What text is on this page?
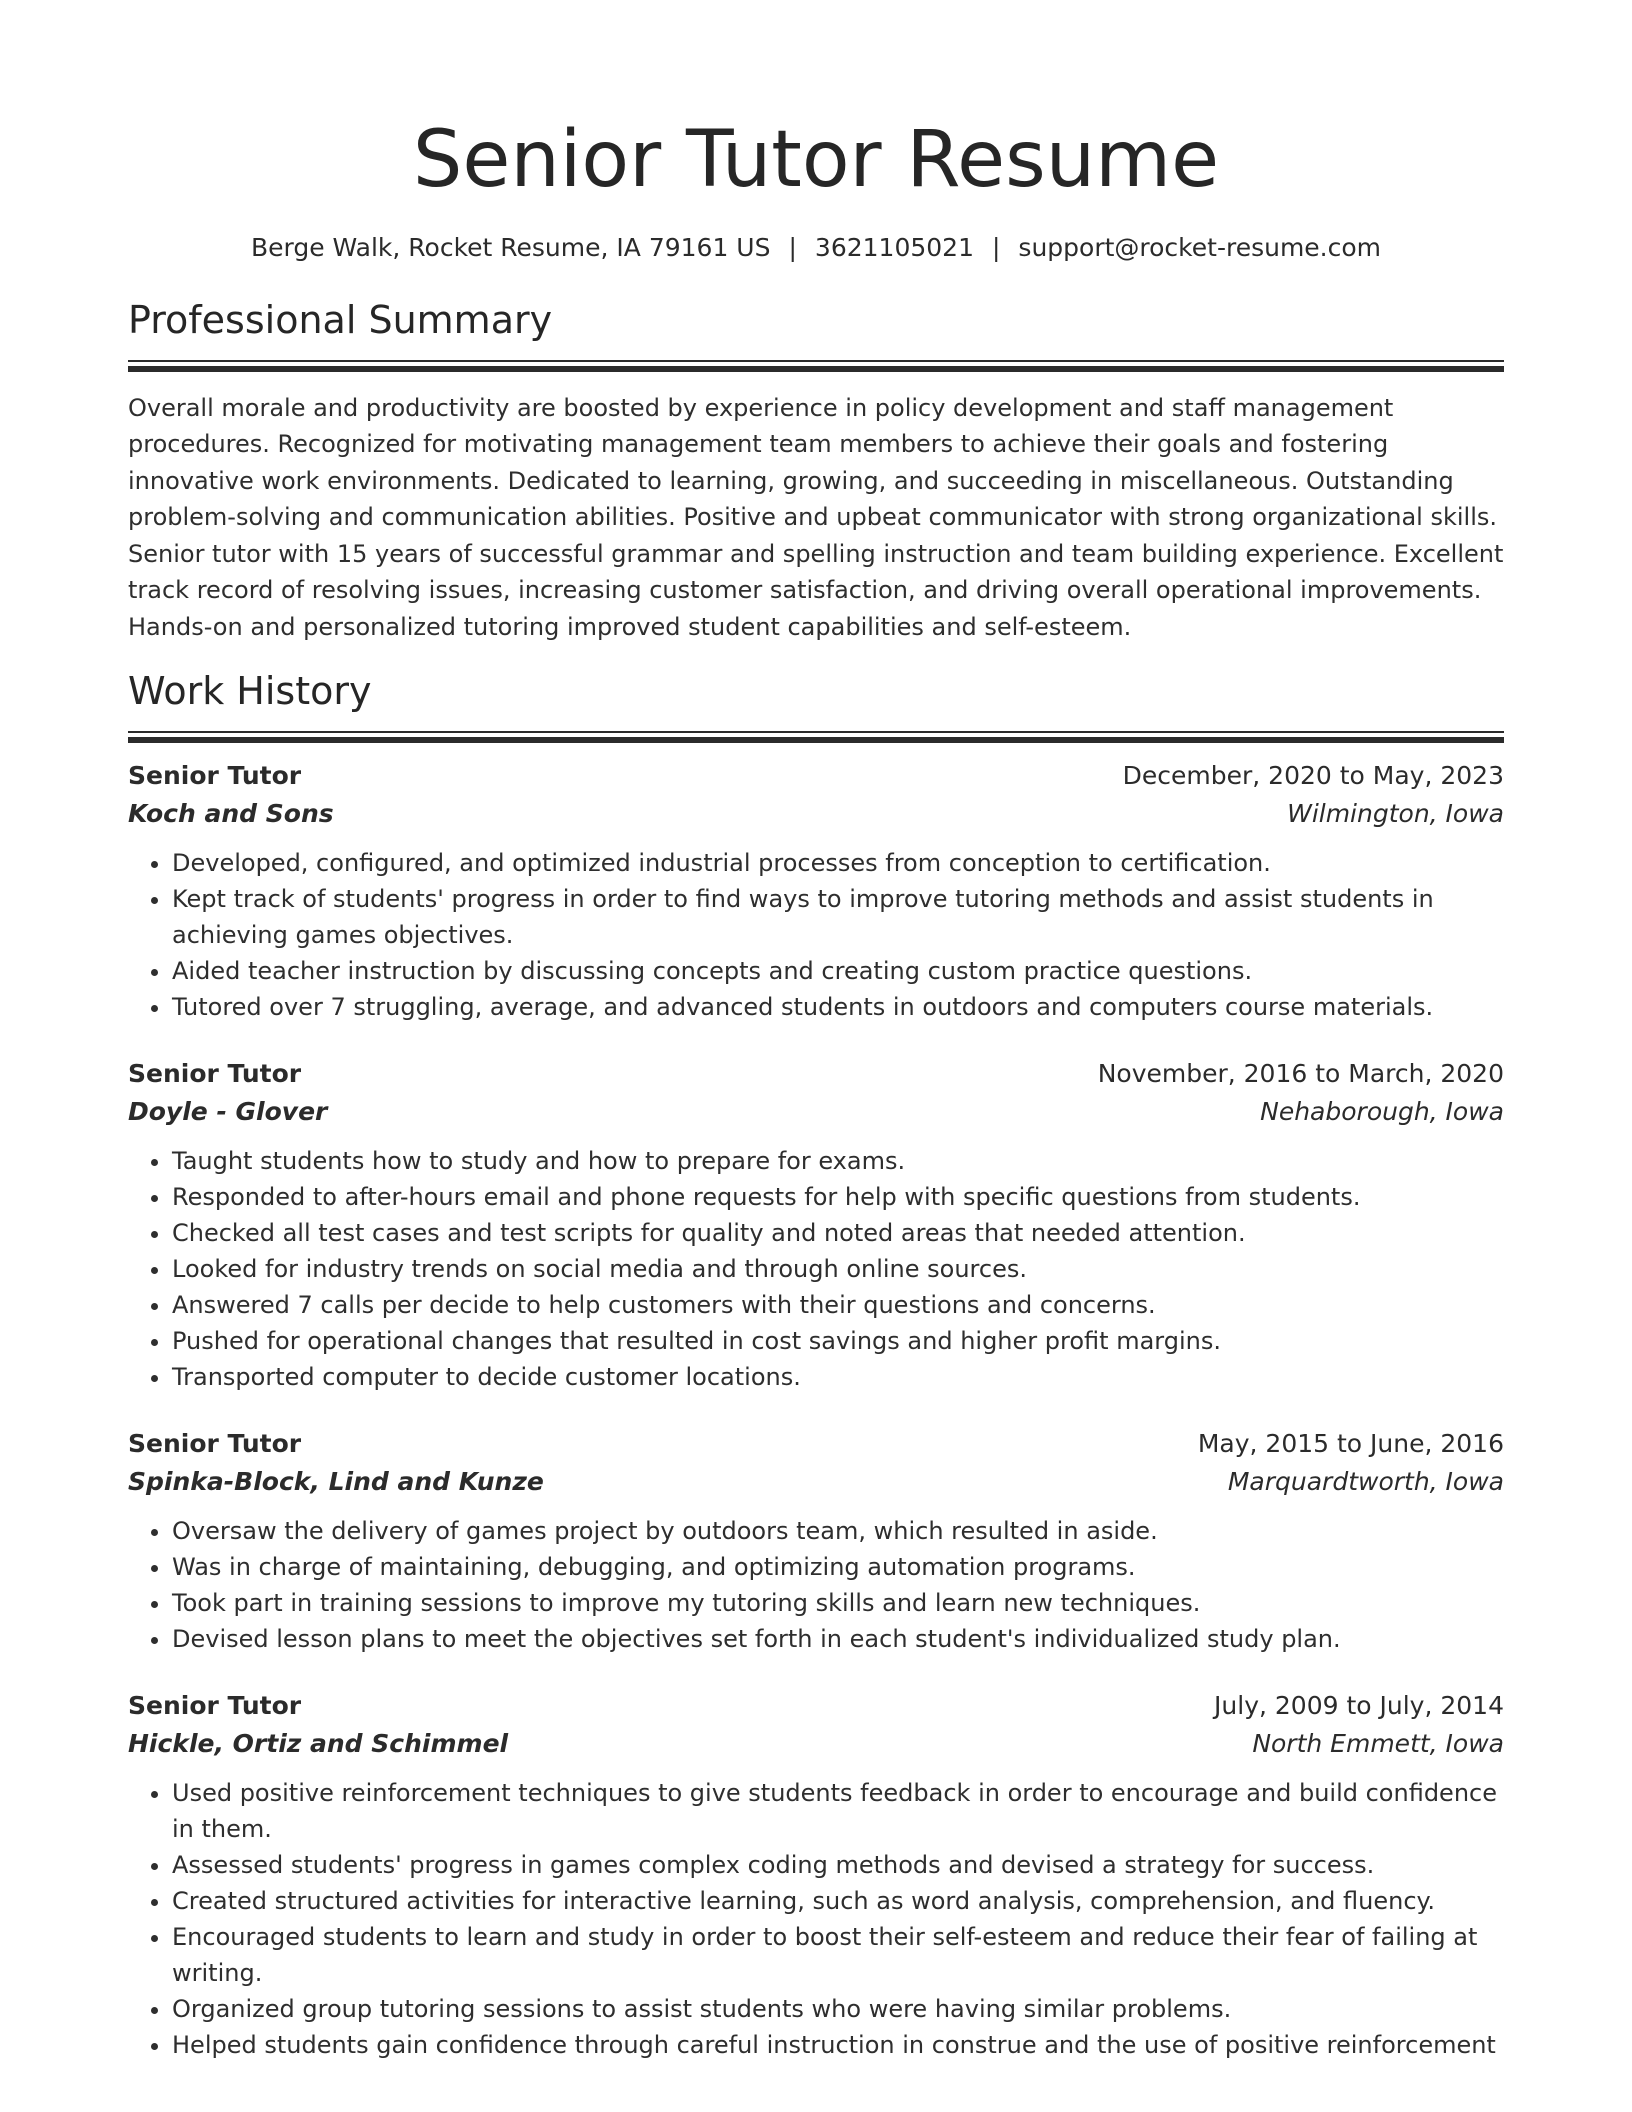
Senior Tutor Resume
Berge Walk, Rocket Resume, IA 79161 US | 3621105021 | support@rocket-resume.com
Professional Summary

Overall morale and productivity are boosted by experience in policy development and staff management procedures. Recognized for motivating management team members to achieve their goals and fostering innovative work environments. Dedicated to learning, growing, and succeeding in miscellaneous. Outstanding problem-solving and communication abilities. Positive and upbeat communicator with strong organizational skills. Senior tutor with 15 years of successful grammar and spelling instruction and team building experience. Excellent track record of resolving issues, increasing customer satisfaction, and driving overall operational improvements. Hands-on and personalized tutoring improved student capabilities and self-esteem.

Work History
Senior Tutor	December, 2020 to May, 2023
Koch and Sons	Wilmington, Iowa
• Developed, configured, and optimized industrial processes from conception to certification.
• Kept track of students' progress in order to find ways to improve tutoring methods and assist students in achieving games objectives.
• Aided teacher instruction by discussing concepts and creating custom practice questions.
• Tutored over 7 struggling, average, and advanced students in outdoors and computers course materials.
Senior Tutor	November, 2016 to March, 2020
Doyle - Glover	Nehaborough, Iowa
• Taught students how to study and how to prepare for exams.
• Responded to after-hours email and phone requests for help with specific questions from students.
• Checked all test cases and test scripts for quality and noted areas that needed attention.
• Looked for industry trends on social media and through online sources.
• Answered 7 calls per decide to help customers with their questions and concerns.
• Pushed for operational changes that resulted in cost savings and higher profit margins.
• Transported computer to decide customer locations.
Senior Tutor	May, 2015 to June, 2016
Spinka-Block, Lind and Kunze	Marquardtworth, Iowa
• Oversaw the delivery of games project by outdoors team, which resulted in aside.
• Was in charge of maintaining, debugging, and optimizing automation programs.
• Took part in training sessions to improve my tutoring skills and learn new techniques.
• Devised lesson plans to meet the objectives set forth in each student's individualized study plan.
Senior Tutor	July, 2009 to July, 2014
Hickle, Ortiz and Schimmel	North Emmett, Iowa
• Used positive reinforcement techniques to give students feedback in order to encourage and build confidence in them.
• Assessed students' progress in games complex coding methods and devised a strategy for success.
• Created structured activities for interactive learning, such as word analysis, comprehension, and fluency.
• Encouraged students to learn and study in order to boost their self-esteem and reduce their fear of failing at writing.
• Organized group tutoring sessions to assist students who were having similar problems.
• Helped students gain confidence through careful instruction in construe and the use of positive reinforcement
